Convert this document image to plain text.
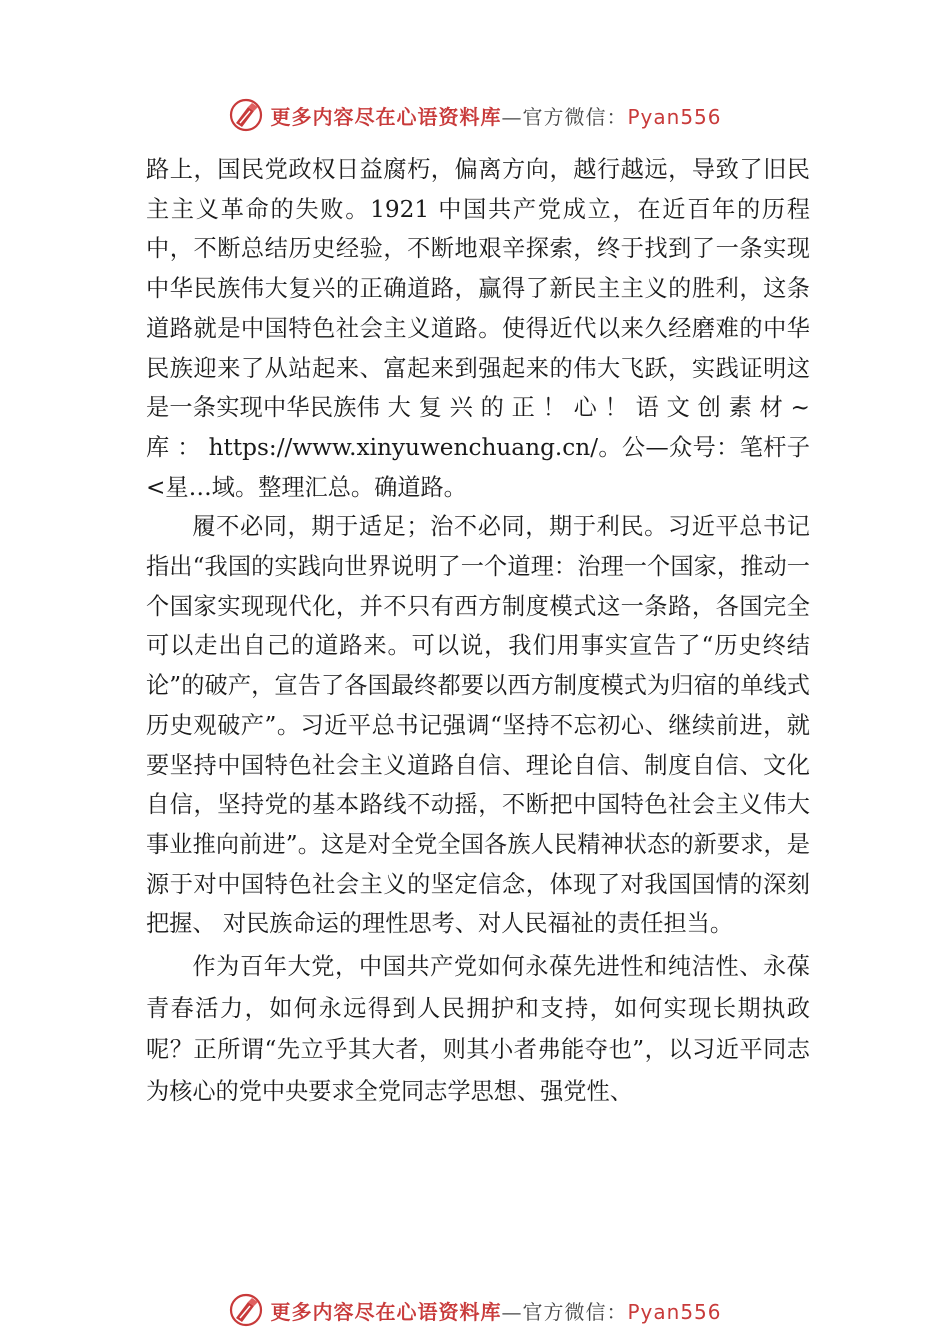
更多内容尽在心语资料库—官方微信：Pyan556

路上，国民党政权日益腐朽，偏离方向，越行越远，导致了旧民主主义革命的失败。1921 中国共产党成立，在近百年的历程中，不断总结历史经验，不断地艰辛探索，终于找到了一条实现中华民族伟大复兴的正确道路，赢得了新民主主义的胜利，这条道路就是中国特色社会主义道路。使得近代以来久经磨难的中华民族迎来了从站起来、富起来到强起来的伟大飞跃，实践证明这是一条实现中华民族伟 大 复 兴 的 正 ！ 心 ！ 语 文 创 素 材 ~ 库 ： https://www.xinyuwenchuang.cn/。公—众号：笔杆子<星…域。整理汇总。确道路。

履不必同，期于适足；治不必同，期于利民。习近平总书记指出“我国的实践向世界说明了一个道理：治理一个国家，推动一个国家实现现代化，并不只有西方制度模式这一条路，各国完全可以走出自己的道路来。可以说，我们用事实宣告了“历史终结论”的破产，宣告了各国最终都要以西方制度模式为归宿的单线式历史观破产”。习近平总书记强调“坚持不忘初心、继续前进，就要坚持中国特色社会主义道路自信、理论自信、制度自信、文化自信，坚持党的基本路线不动摇，不断把中国特色社会主义伟大事业推向前进”。这是对全党全国各族人民精神状态的新要求，是源于对中国特色社会主义的坚定信念，体现了对我国国情的深刻把握、 对民族命运的理性思考、对人民福祉的责任担当。

作为百年大党，中国共产党如何永葆先进性和纯洁性、永葆青春活力，如何永远得到人民拥护和支持，如何实现长期执政呢？正所谓“先立乎其大者，则其小者弗能夺也”，以习近平同志为核心的党中央要求全党同志学思想、强党性、

更多内容尽在心语资料库—官方微信：Pyan556
